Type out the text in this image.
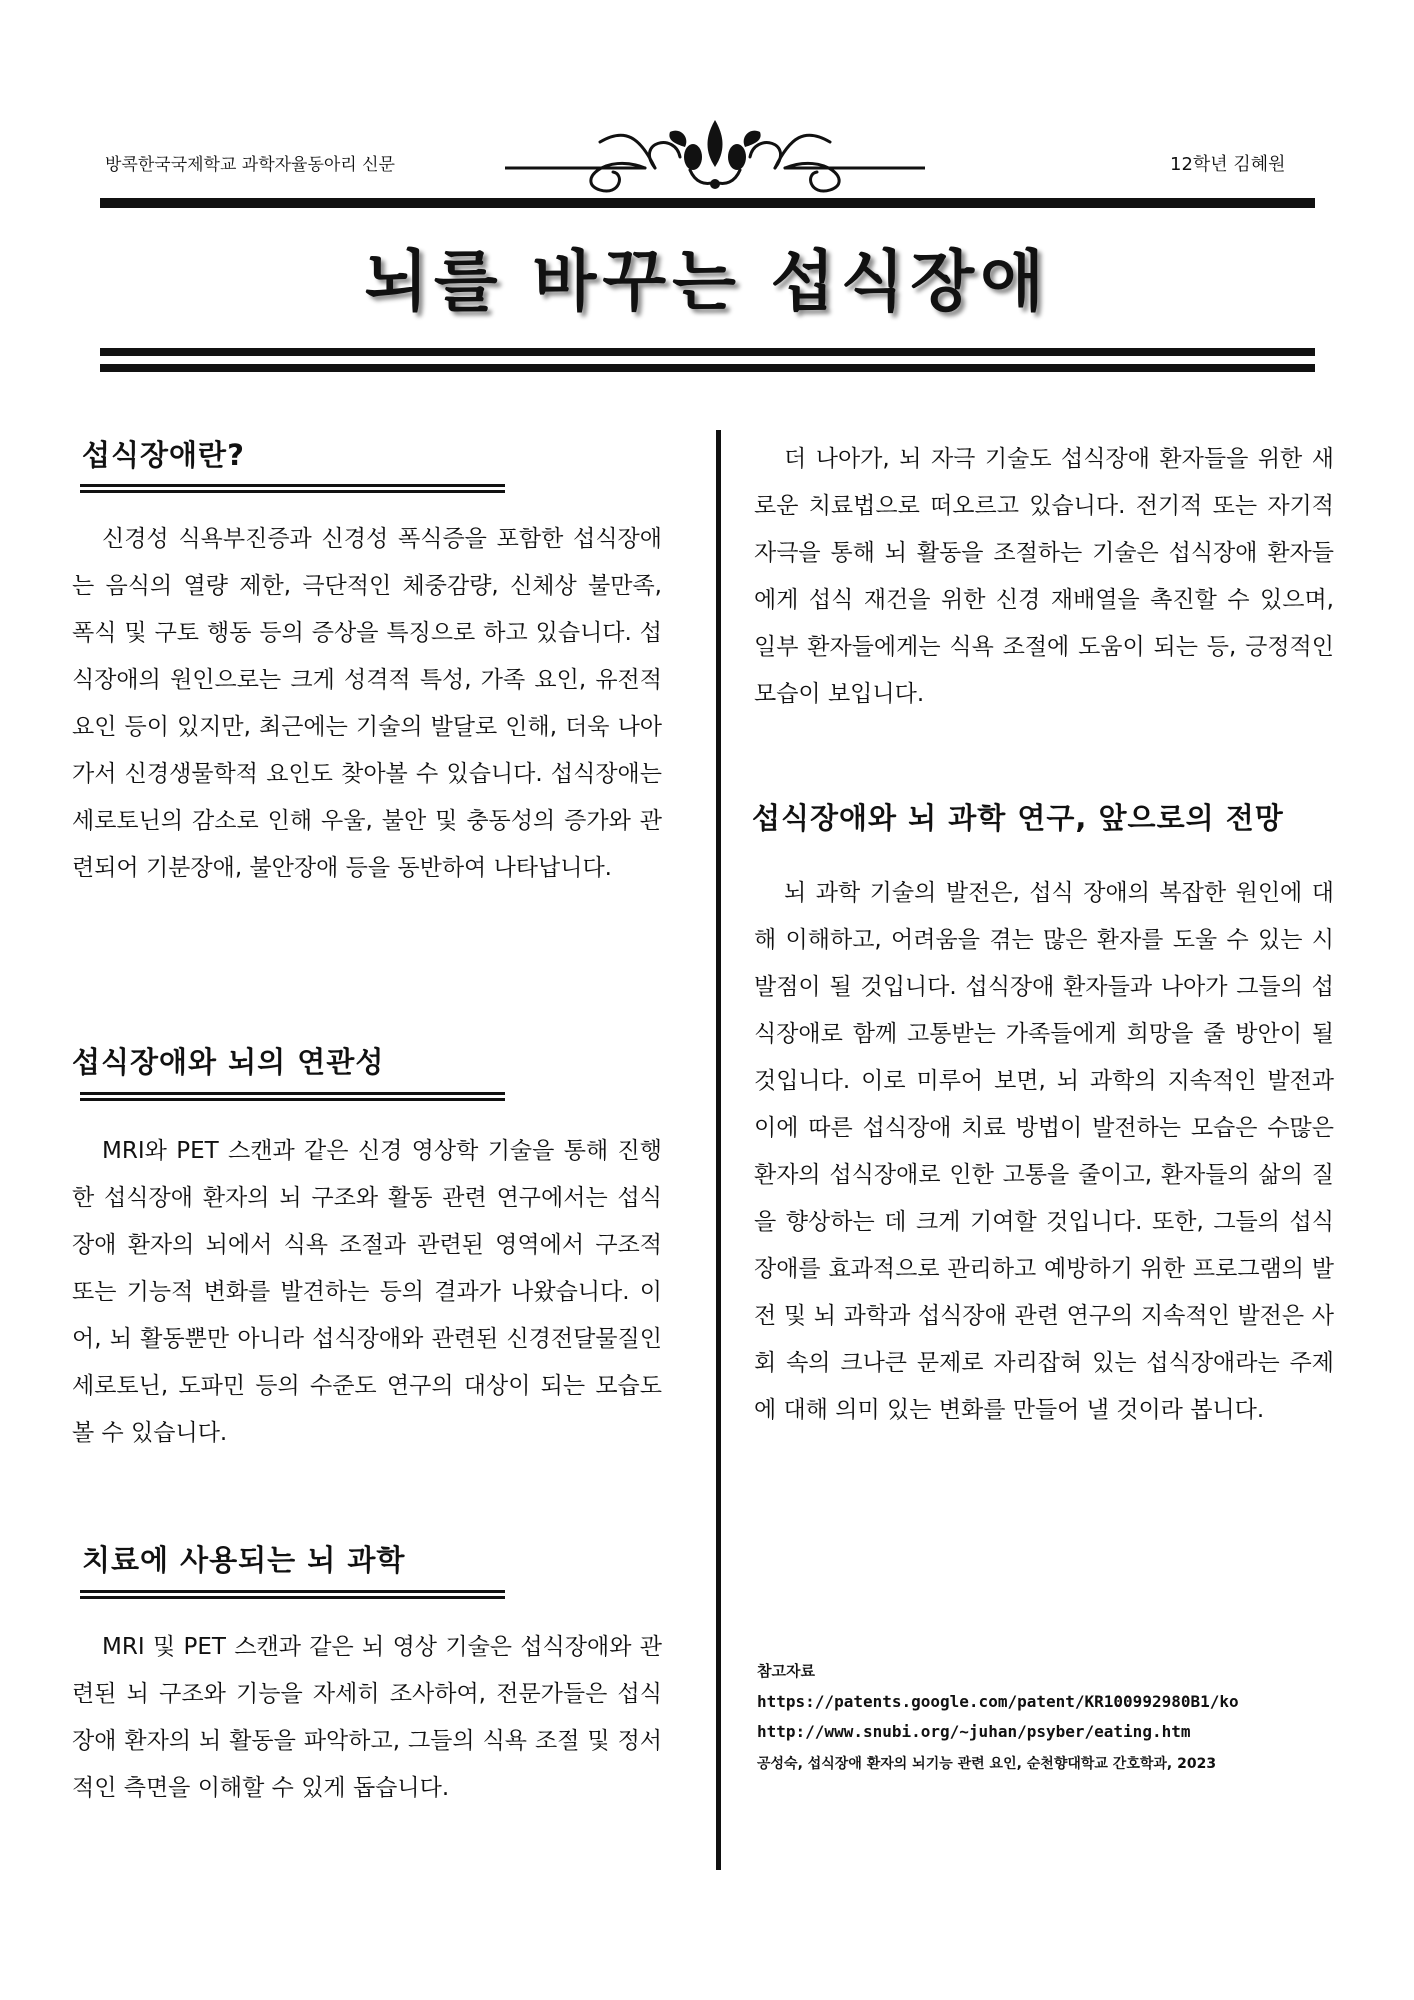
방콕한국국제학교 과학자율동아리 신문	12학년 김혜원
뇌를 바꾸는 섭식장애
섭식장애란?

신경성 식욕부진증과 신경성 폭식증을 포함한 섭식장애는 음식의 열량 제한, 극단적인 체중감량, 신체상 불만족, 폭식 및 구토 행동 등의 증상을 특징으로 하고 있습니다. 섭식장애의 원인으로는 크게 성격적 특성, 가족 요인, 유전적 요인 등이 있지만, 최근에는 기술의 발달로 인해, 더욱 나아가서 신경생물학적 요인도 찾아볼 수 있습니다. 섭식장애는 세로토닌의 감소로 인해 우울, 불안 및 충동성의 증가와 관련되어 기분장애, 불안장애 등을 동반하여 나타납니다.

섭식장애와 뇌의 연관성

MRI와 PET 스캔과 같은 신경 영상학 기술을 통해 진행한 섭식장애 환자의 뇌 구조와 활동 관련 연구에서는 섭식장애 환자의 뇌에서 식욕 조절과 관련된 영역에서 구조적 또는 기능적 변화를 발견하는 등의 결과가 나왔습니다. 이어, 뇌 활동뿐만 아니라 섭식장애와 관련된 신경전달물질인 세로토닌, 도파민 등의 수준도 연구의 대상이 되는 모습도 볼 수 있습니다.

치료에 사용되는 뇌 과학

MRI 및 PET 스캔과 같은 뇌 영상 기술은 섭식장애와 관련된 뇌 구조와 기능을 자세히 조사하여, 전문가들은 섭식장애 환자의 뇌 활동을 파악하고, 그들의 식욕 조절 및 정서적인 측면을 이해할 수 있게 돕습니다.

더 나아가, 뇌 자극 기술도 섭식장애 환자들을 위한 새로운 치료법으로 떠오르고 있습니다. 전기적 또는 자기적 자극을 통해 뇌 활동을 조절하는 기술은 섭식장애 환자들에게 섭식 재건을 위한 신경 재배열을 촉진할 수 있으며, 일부 환자들에게는 식욕 조절에 도움이 되는 등, 긍정적인 모습이 보입니다.

섭식장애와 뇌 과학 연구, 앞으로의 전망

뇌 과학 기술의 발전은, 섭식 장애의 복잡한 원인에 대해 이해하고, 어려움을 겪는 많은 환자를 도울 수 있는 시발점이 될 것입니다. 섭식장애 환자들과 나아가 그들의 섭식장애로 함께 고통받는 가족들에게 희망을 줄 방안이 될 것입니다. 이로 미루어 보면, 뇌 과학의 지속적인 발전과 이에 따른 섭식장애 치료 방법이 발전하는 모습은 수많은 환자의 섭식장애로 인한 고통을 줄이고, 환자들의 삶의 질을 향상하는 데 크게 기여할 것입니다. 또한, 그들의 섭식장애를 효과적으로 관리하고 예방하기 위한 프로그램의 발전 및 뇌 과학과 섭식장애 관련 연구의 지속적인 발전은 사회 속의 크나큰 문제로 자리잡혀 있는 섭식장애라는 주제에 대해 의미 있는 변화를 만들어 낼 것이라 봅니다.

참고자료
https://patents.google.com/patent/KR100992980B1/ko
http://www.snubi.org/~juhan/psyber/eating.htm
공성숙, 섭식장애 환자의 뇌기능 관련 요인, 순천향대학교 간호학과, 2023
